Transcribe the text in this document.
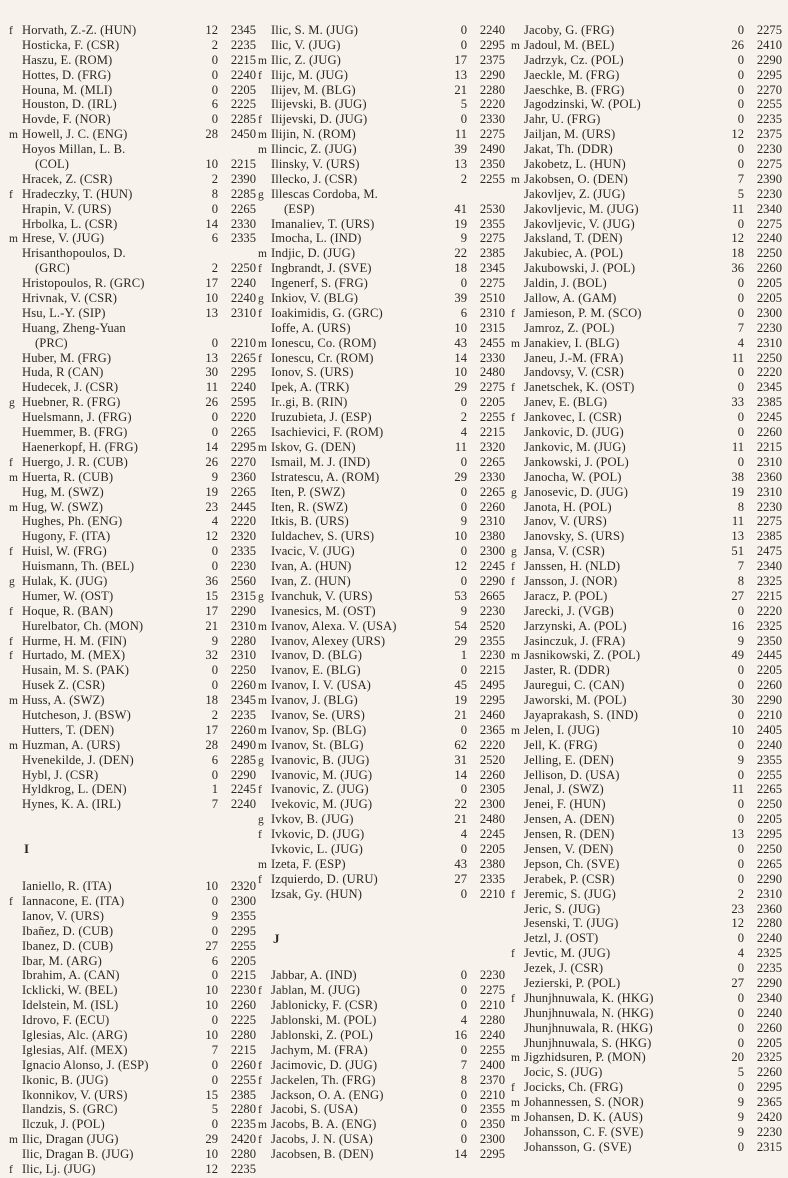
f Horvath, Z.-Z. (HUN)	12	2345
Hosticka, F. (CSR)	2	2235
Haszu, E. (ROM)	0	2215
Hottes, D. (FRG)	0	2240
Houna, M. (MLI)	0	2205
Houston, D. (IRL)	6	2225
Hovde, F. (NOR)	0	2285
m Howell, J. C. (ENG)	28	2450
Hoyos Millan, L. B.
(COL)	10	2215
Hracek, Z. (CSR)	2	2390
f Hradeczky, T. (HUN)	8	2285
Hrapin, V. (URS)	0	2265
Hrbolka, L. (CSR)	14	2330
m Hrese, V. (JUG)	6	2335
Hrisanthopoulos, D.
(GRC)	2	2250
Hristopoulos, R. (GRC)	17	2240
Hrivnak, V. (CSR)	10	2240
Hsu, L.-Y. (SIP)	13	2310
Huang, Zheng-Yuan
(PRC)	0	2210
Huber, M. (FRG)	13	2265
Huda, R (CAN)	30	2295
Hudecek, J. (CSR)	11	2240
g Huebner, R. (FRG)	26	2595
Huelsmann, J. (FRG)	0	2220
Huemmer, B. (FRG)	0	2265
Haenerkopf, H. (FRG)	14	2295
f Huergo, J. R. (CUB)	26	2270
m Huerta, R. (CUB)	9	2360
Hug, M. (SWZ)	19	2265
m Hug, W. (SWZ)	23	2445
Hughes, Ph. (ENG)	4	2220
Hugony, F. (ITA)	12	2320
f Huisl, W. (FRG)	0	2335
Huismann, Th. (BEL)	0	2230
g Hulak, K. (JUG)	36	2560
Humer, W. (OST)	15	2315
f Hoque, R. (BAN)	17	2290
Hurelbator, Ch. (MON)	21	2310
f Hurme, H. M. (FIN)	9	2280
f Hurtado, M. (MEX)	32	2310
Husain, M. S. (PAK)	0	2250
Husek Z. (CSR)	0	2260
m Huss, A. (SWZ)	18	2345
Hutcheson, J. (BSW)	2	2235
Hutters, T. (DEN)	17	2260
m Huzman, A. (URS)	28	2490
Hvenekilde, J. (DEN)	6	2285
Hybl, J. (CSR)	0	2290
Hyldkrog, L. (DEN)	1	2245
Hynes, K. A. (IRL)	7	2240
I
Ianiello, R. (ITA)	10	2320
f Iannacone, E. (ITA)	0	2300
Ianov, V. (URS)	9	2355
Ibañez, D. (CUB)	0	2295
Ibanez, D. (CUB)	27	2255
Ibar, M. (ARG)	6	2205
Ibrahim, A. (CAN)	0	2215
Icklicki, W. (BEL)	10	2230
Idelstein, M. (ISL)	10	2260
Idrovo, F. (ECU)	0	2225
Iglesias, Alc. (ARG)	10	2280
Iglesias, Alf. (MEX)	7	2215
Ignacio Alonso, J. (ESP)	0	2260
Ikonic, B. (JUG)	0	2255
Ikonnikov, V. (URS)	15	2385
Ilandzis, S. (GRC)	5	2280
Ilczuk, J. (POL)	0	2235
m Ilic, Dragan (JUG)	29	2420
Ilic, Dragan B. (JUG)	10	2280
f Ilic, Lj. (JUG)	12	2235
Ilic, S. M. (JUG)	0	2240
Ilic, V. (JUG)	0	2295
m Ilic, Z. (JUG)	17	2375
f Ilijc, M. (JUG)	13	2290
Ilijev, M. (BLG)	21	2280
Ilijevski, B. (JUG)	5	2220
f Ilijevski, D. (JUG)	0	2330
m Ilijin, N. (ROM)	11	2275
m Ilincic, Z. (JUG)	39	2490
Ilinsky, V. (URS)	13	2350
Illecko, J. (CSR)	2	2255
g Illescas Cordoba, M.
(ESP)	41	2530
Imanaliev, T. (URS)	19	2355
Imocha, L. (IND)	9	2275
m Indjic, D. (JUG)	22	2385
f Ingbrandt, J. (SVE)	18	2345
Ingenerf, S. (FRG)	0	2275
g Inkiov, V. (BLG)	39	2510
f Ioakimidis, G. (GRC)	6	2310
Ioffe, A. (URS)	10	2315
m Ionescu, Co. (ROM)	43	2455
f Ionescu, Cr. (ROM)	14	2330
Ionov, S. (URS)	10	2480
Ipek, A. (TRK)	29	2275
Ir..gi, B. (RIN)	0	2205
Iruzubieta, J. (ESP)	2	2255
Isachievici, F. (ROM)	4	2215
m Iskov, G. (DEN)	11	2320
Ismail, M. J. (IND)	0	2265
Istratescu, A. (ROM)	29	2330
Iten, P. (SWZ)	0	2265
Iten, R. (SWZ)	0	2260
Itkis, B. (URS)	9	2310
Iuldachev, S. (URS)	10	2380
Ivacic, V. (JUG)	0	2300
Ivan, A. (HUN)	12	2245
Ivan, Z. (HUN)	0	2290
g Ivanchuk, V. (URS)	53	2665
Ivanesics, M. (OST)	9	2230
m Ivanov, Alexa. V. (USA)	54	2520
Ivanov, Alexey (URS)	29	2355
Ivanov, D. (BLG)	1	2230
Ivanov, E. (BLG)	0	2215
m Ivanov, I. V. (USA)	45	2495
m Ivanov, J. (BLG)	19	2295
Ivanov, Se. (URS)	21	2460
m Ivanov, Sp. (BLG)	0	2365
m Ivanov, St. (BLG)	62	2220
g Ivanovic, B. (JUG)	31	2520
Ivanovic, M. (JUG)	14	2260
f Ivanovic, Z. (JUG)	0	2305
Ivekovic, M. (JUG)	22	2300
g Ivkov, B. (JUG)	21	2480
f Ivkovic, D. (JUG)	4	2245
Ivkovic, L. (JUG)	0	2205
m Izeta, F. (ESP)	43	2380
f Izquierdo, D. (URU)	27	2335
Izsak, Gy. (HUN)	0	2210
J
Jabbar, A. (IND)	0	2230
f Jablan, M. (JUG)	0	2275
Jablonicky, F. (CSR)	0	2210
Jablonski, M. (POL)	4	2280
Jablonski, Z. (POL)	16	2240
Jachym, M. (FRA)	0	2255
f Jacimovic, D. (JUG)	7	2400
f Jackelen, Th. (FRG)	8	2370
Jackson, O. A. (ENG)	0	2210
f Jacobi, S. (USA)	0	2355
m Jacobs, B. A. (ENG)	0	2350
f Jacobs, J. N. (USA)	0	2300
Jacobsen, B. (DEN)	14	2295
Jacoby, G. (FRG)	0	2275
m Jadoul, M. (BEL)	26	2410
Jadrzyk, Cz. (POL)	0	2290
Jaeckle, M. (FRG)	0	2295
Jaeschke, B. (FRG)	0	2270
Jagodzinski, W. (POL)	0	2255
Jahr, U. (FRG)	0	2235
Jailjan, M. (URS)	12	2375
Jakat, Th. (DDR)	0	2230
Jakobetz, L. (HUN)	0	2275
m Jakobsen, O. (DEN)	7	2390
Jakovljev, Z. (JUG)	5	2230
Jakovljevic, M. (JUG)	11	2340
Jakovljevic, V. (JUG)	0	2275
Jaksland, T. (DEN)	12	2240
Jakubiec, A. (POL)	18	2250
Jakubowski, J. (POL)	36	2260
Jaldin, J. (BOL)	0	2205
Jallow, A. (GAM)	0	2205
f Jamieson, P. M. (SCO)	0	2300
Jamroz, Z. (POL)	7	2230
m Janakiev, I. (BLG)	4	2310
Janeu, J.-M. (FRA)	11	2250
Jandovsy, V. (CSR)	0	2220
f Janetschek, K. (OST)	0	2345
Janev, E. (BLG)	33	2385
f Jankovec, I. (CSR)	0	2245
Jankovic, D. (JUG)	0	2260
Jankovic, M. (JUG)	11	2215
Jankowski, J. (POL)	0	2310
Janocha, W. (POL)	38	2360
g Janosevic, D. (JUG)	19	2310
Janota, H. (POL)	8	2230
Janov, V. (URS)	11	2275
Janovsky, S. (URS)	13	2385
g Jansa, V. (CSR)	51	2475
f Janssen, H. (NLD)	7	2340
f Jansson, J. (NOR)	8	2325
Jaracz, P. (POL)	27	2215
Jarecki, J. (VGB)	0	2220
Jarzynski, A. (POL)	16	2325
Jasinczuk, J. (FRA)	9	2350
m Jasnikowski, Z. (POL)	49	2445
Jaster, R. (DDR)	0	2205
Jauregui, C. (CAN)	0	2260
Jaworski, M. (POL)	30	2290
Jayaprakash, S. (IND)	0	2210
m Jelen, I. (JUG)	10	2405
Jell, K. (FRG)	0	2240
Jelling, E. (DEN)	9	2355
Jellison, D. (USA)	0	2255
Jenal, J. (SWZ)	11	2265
Jenei, F. (HUN)	0	2250
Jensen, A. (DEN)	0	2205
Jensen, R. (DEN)	13	2295
Jensen, V. (DEN)	0	2250
Jepson, Ch. (SVE)	0	2265
Jerabek, P. (CSR)	0	2290
f Jeremic, S. (JUG)	2	2310
Jeric, S. (JUG)	23	2360
Jesenski, T. (JUG)	12	2280
Jetzl, J. (OST)	0	2240
f Jevtic, M. (JUG)	4	2325
Jezek, J. (CSR)	0	2235
Jezierski, P. (POL)	27	2290
f Jhunjhnuwala, K. (HKG)	0	2340
Jhunjhnuwala, N. (HKG)	0	2240
Jhunjhnuwala, R. (HKG)	0	2260
Jhunjhnuwala, S. (HKG)	0	2205
m Jigzhidsuren, P. (MON)	20	2325
Jocic, S. (JUG)	5	2260
f Jocicks, Ch. (FRG)	0	2295
m Johannessen, S. (NOR)	9	2365
m Johansen, D. K. (AUS)	9	2420
Johansson, C. F. (SVE)	9	2230
Johansson, G. (SVE)	0	2315
